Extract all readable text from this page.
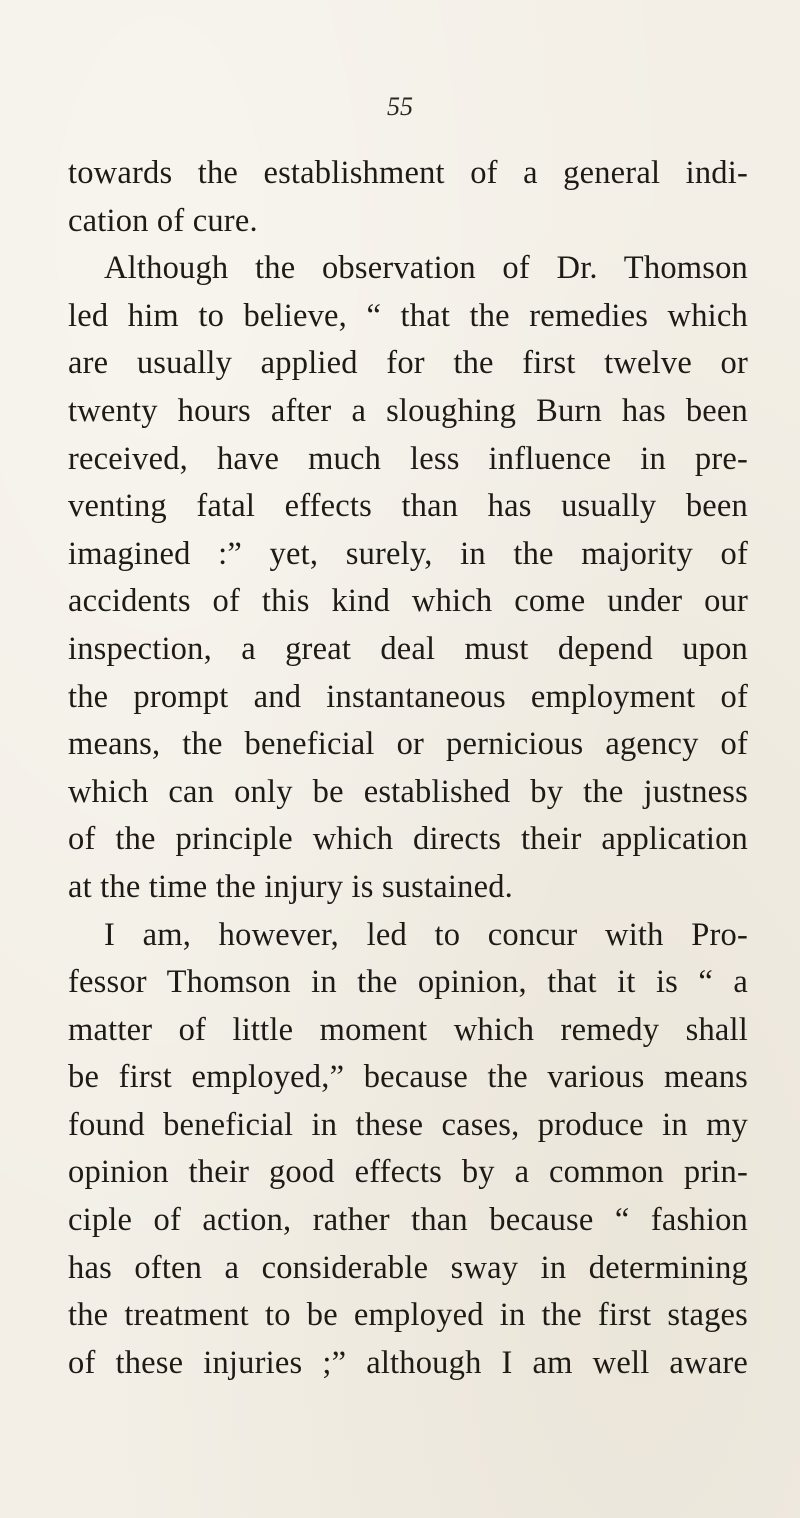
55
towards the establishment of a general indi-
cation of cure.
Although the observation of Dr. Thomson
led him to believe, “ that the remedies which
are usually applied for the first twelve or
twenty hours after a sloughing Burn has been
received, have much less influence in pre-
venting fatal effects than has usually been
imagined :” yet, surely, in the majority of
accidents of this kind which come under our
inspection, a great deal must depend upon
the prompt and instantaneous employment of
means, the beneficial or pernicious agency of
which can only be established by the justness
of the principle which directs their application
at the time the injury is sustained.
I am, however, led to concur with Pro-
fessor Thomson in the opinion, that it is “ a
matter of little moment which remedy shall
be first employed,” because the various means
found beneficial in these cases, produce in my
opinion their good effects by a common prin-
ciple of action, rather than because “ fashion
has often a considerable sway in determining
the treatment to be employed in the first stages
of these injuries ;” although I am well aware
